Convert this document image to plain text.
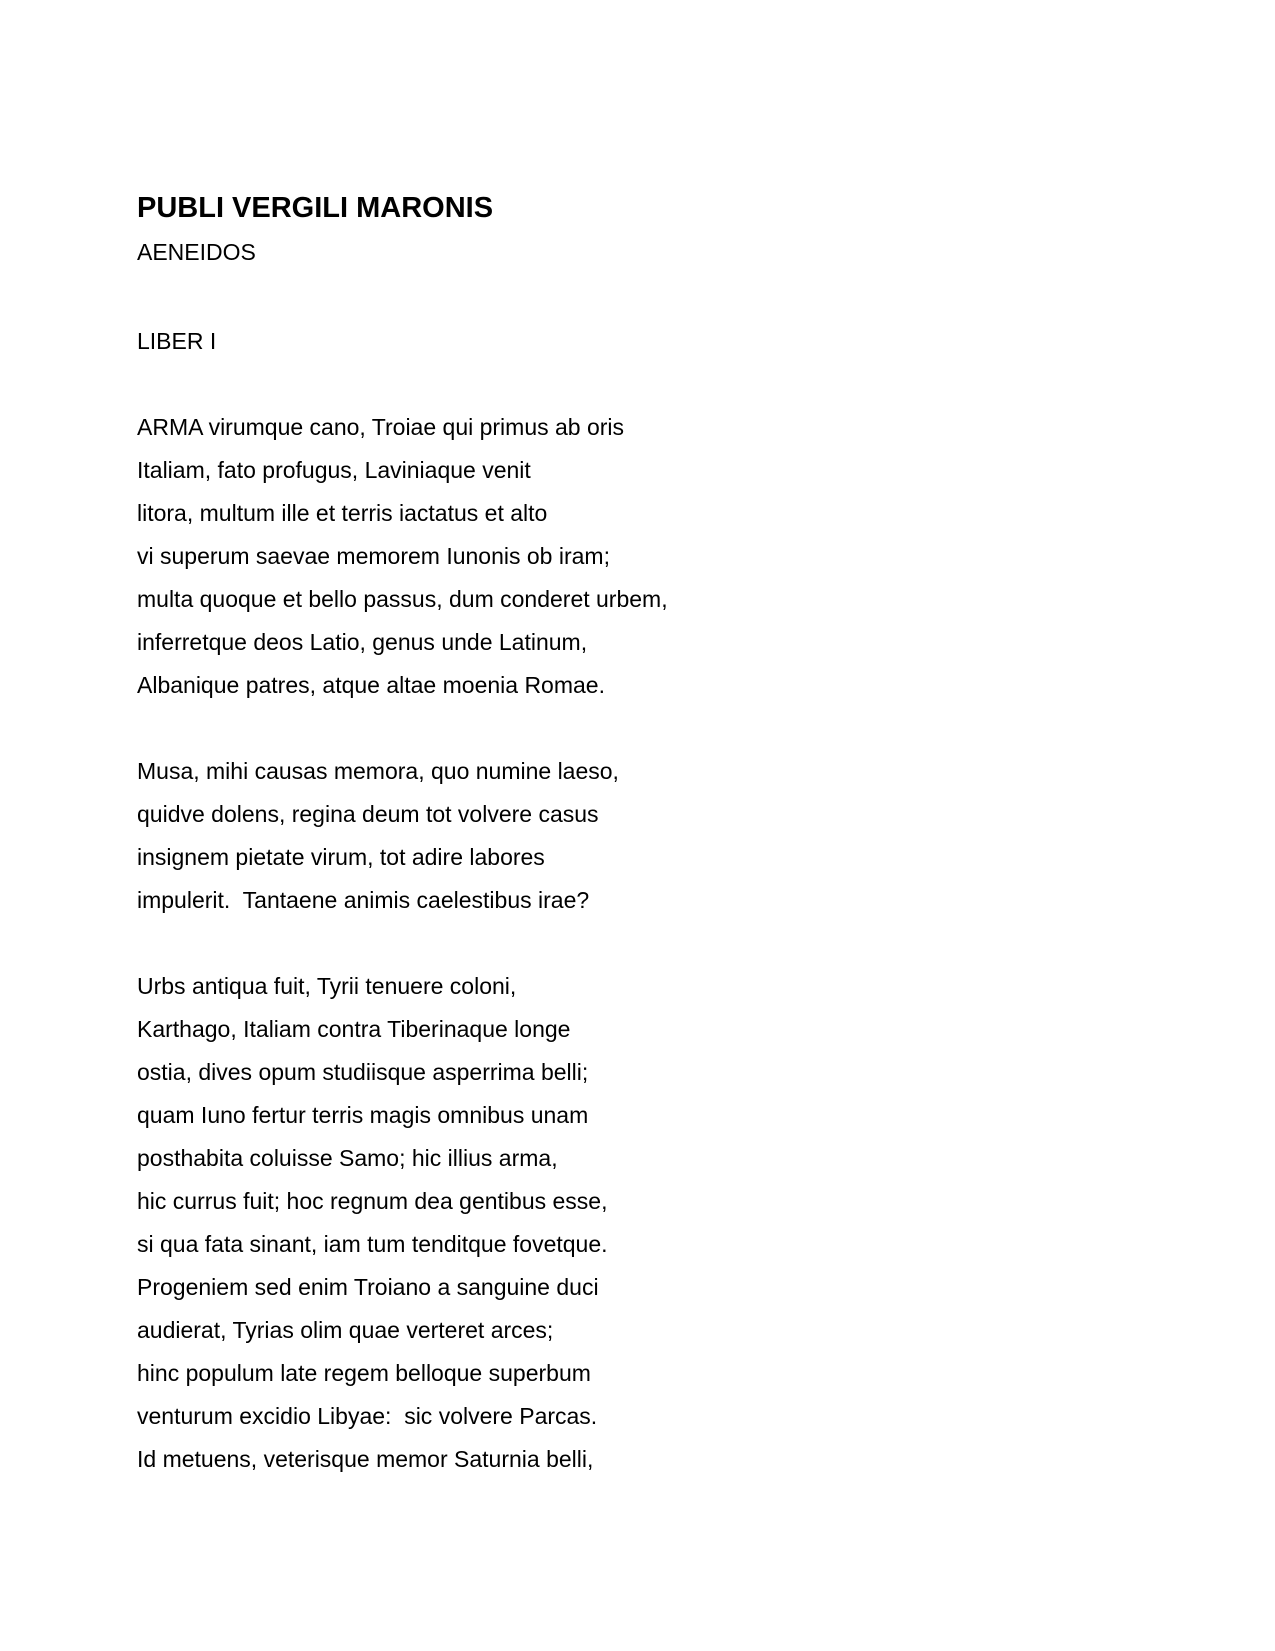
PUBLI VERGILI MARONIS
AENEIDOS
LIBER I
ARMA virumque cano, Troiae qui primus ab oris
Italiam, fato profugus, Laviniaque venit
litora, multum ille et terris iactatus et alto
vi superum saevae memorem Iunonis ob iram;
multa quoque et bello passus, dum conderet urbem,
inferretque deos Latio, genus unde Latinum,
Albanique patres, atque altae moenia Romae.
Musa, mihi causas memora, quo numine laeso,
quidve dolens, regina deum tot volvere casus
insignem pietate virum, tot adire labores
impulerit.  Tantaene animis caelestibus irae?
Urbs antiqua fuit, Tyrii tenuere coloni,
Karthago, Italiam contra Tiberinaque longe
ostia, dives opum studiisque asperrima belli;
quam Iuno fertur terris magis omnibus unam
posthabita coluisse Samo; hic illius arma,
hic currus fuit; hoc regnum dea gentibus esse,
si qua fata sinant, iam tum tenditque fovetque.
Progeniem sed enim Troiano a sanguine duci
audierat, Tyrias olim quae verteret arces;
hinc populum late regem belloque superbum
venturum excidio Libyae:  sic volvere Parcas.
Id metuens, veterisque memor Saturnia belli,
